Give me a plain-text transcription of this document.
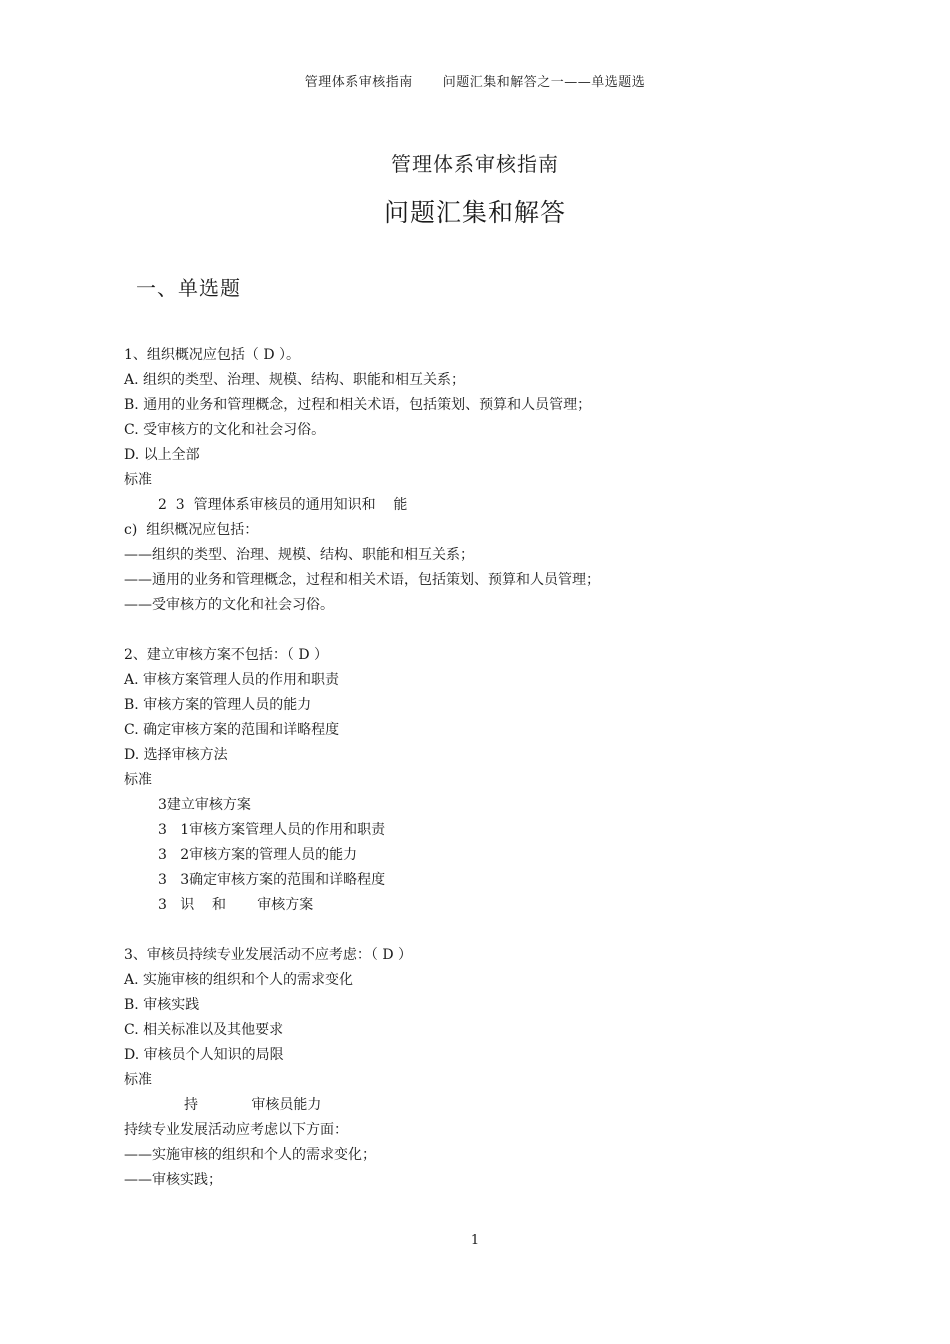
管理体系审核指南 问题汇集和解答之一——单选题选
管理体系审核指南
问题汇集和解答
一、单选题
1、组织概况应包括（ D ）。
A. 组织的类型、治理、规模、结构、职能和相互关系；
B. 通用的业务和管理概念，过程和相关术语，包括策划、预算和人员管理；
C. 受审核方的文化和社会习俗。
D. 以上全部
标准
2  3  管理体系审核员的通用知识和    能
c)  组织概况应包括：
——组织的类型、治理、规模、结构、职能和相互关系；
——通用的业务和管理概念，过程和相关术语，包括策划、预算和人员管理；
——受审核方的文化和社会习俗。
2、建立审核方案不包括：（ D ）
A. 审核方案管理人员的作用和职责
B. 审核方案的管理人员的能力
C. 确定审核方案的范围和详略程度
D. 选择审核方法
标准
3建立审核方案
3   1审核方案管理人员的作用和职责
3   2审核方案的管理人员的能力
3   3确定审核方案的范围和详略程度
3   识    和       审核方案
3、审核员持续专业发展活动不应考虑：（ D ）
A. 实施审核的组织和个人的需求变化
B. 审核实践
C. 相关标准以及其他要求
D. 审核员个人知识的局限
标准
持            审核员能力
持续专业发展活动应考虑以下方面：
——实施审核的组织和个人的需求变化；
——审核实践；
1
